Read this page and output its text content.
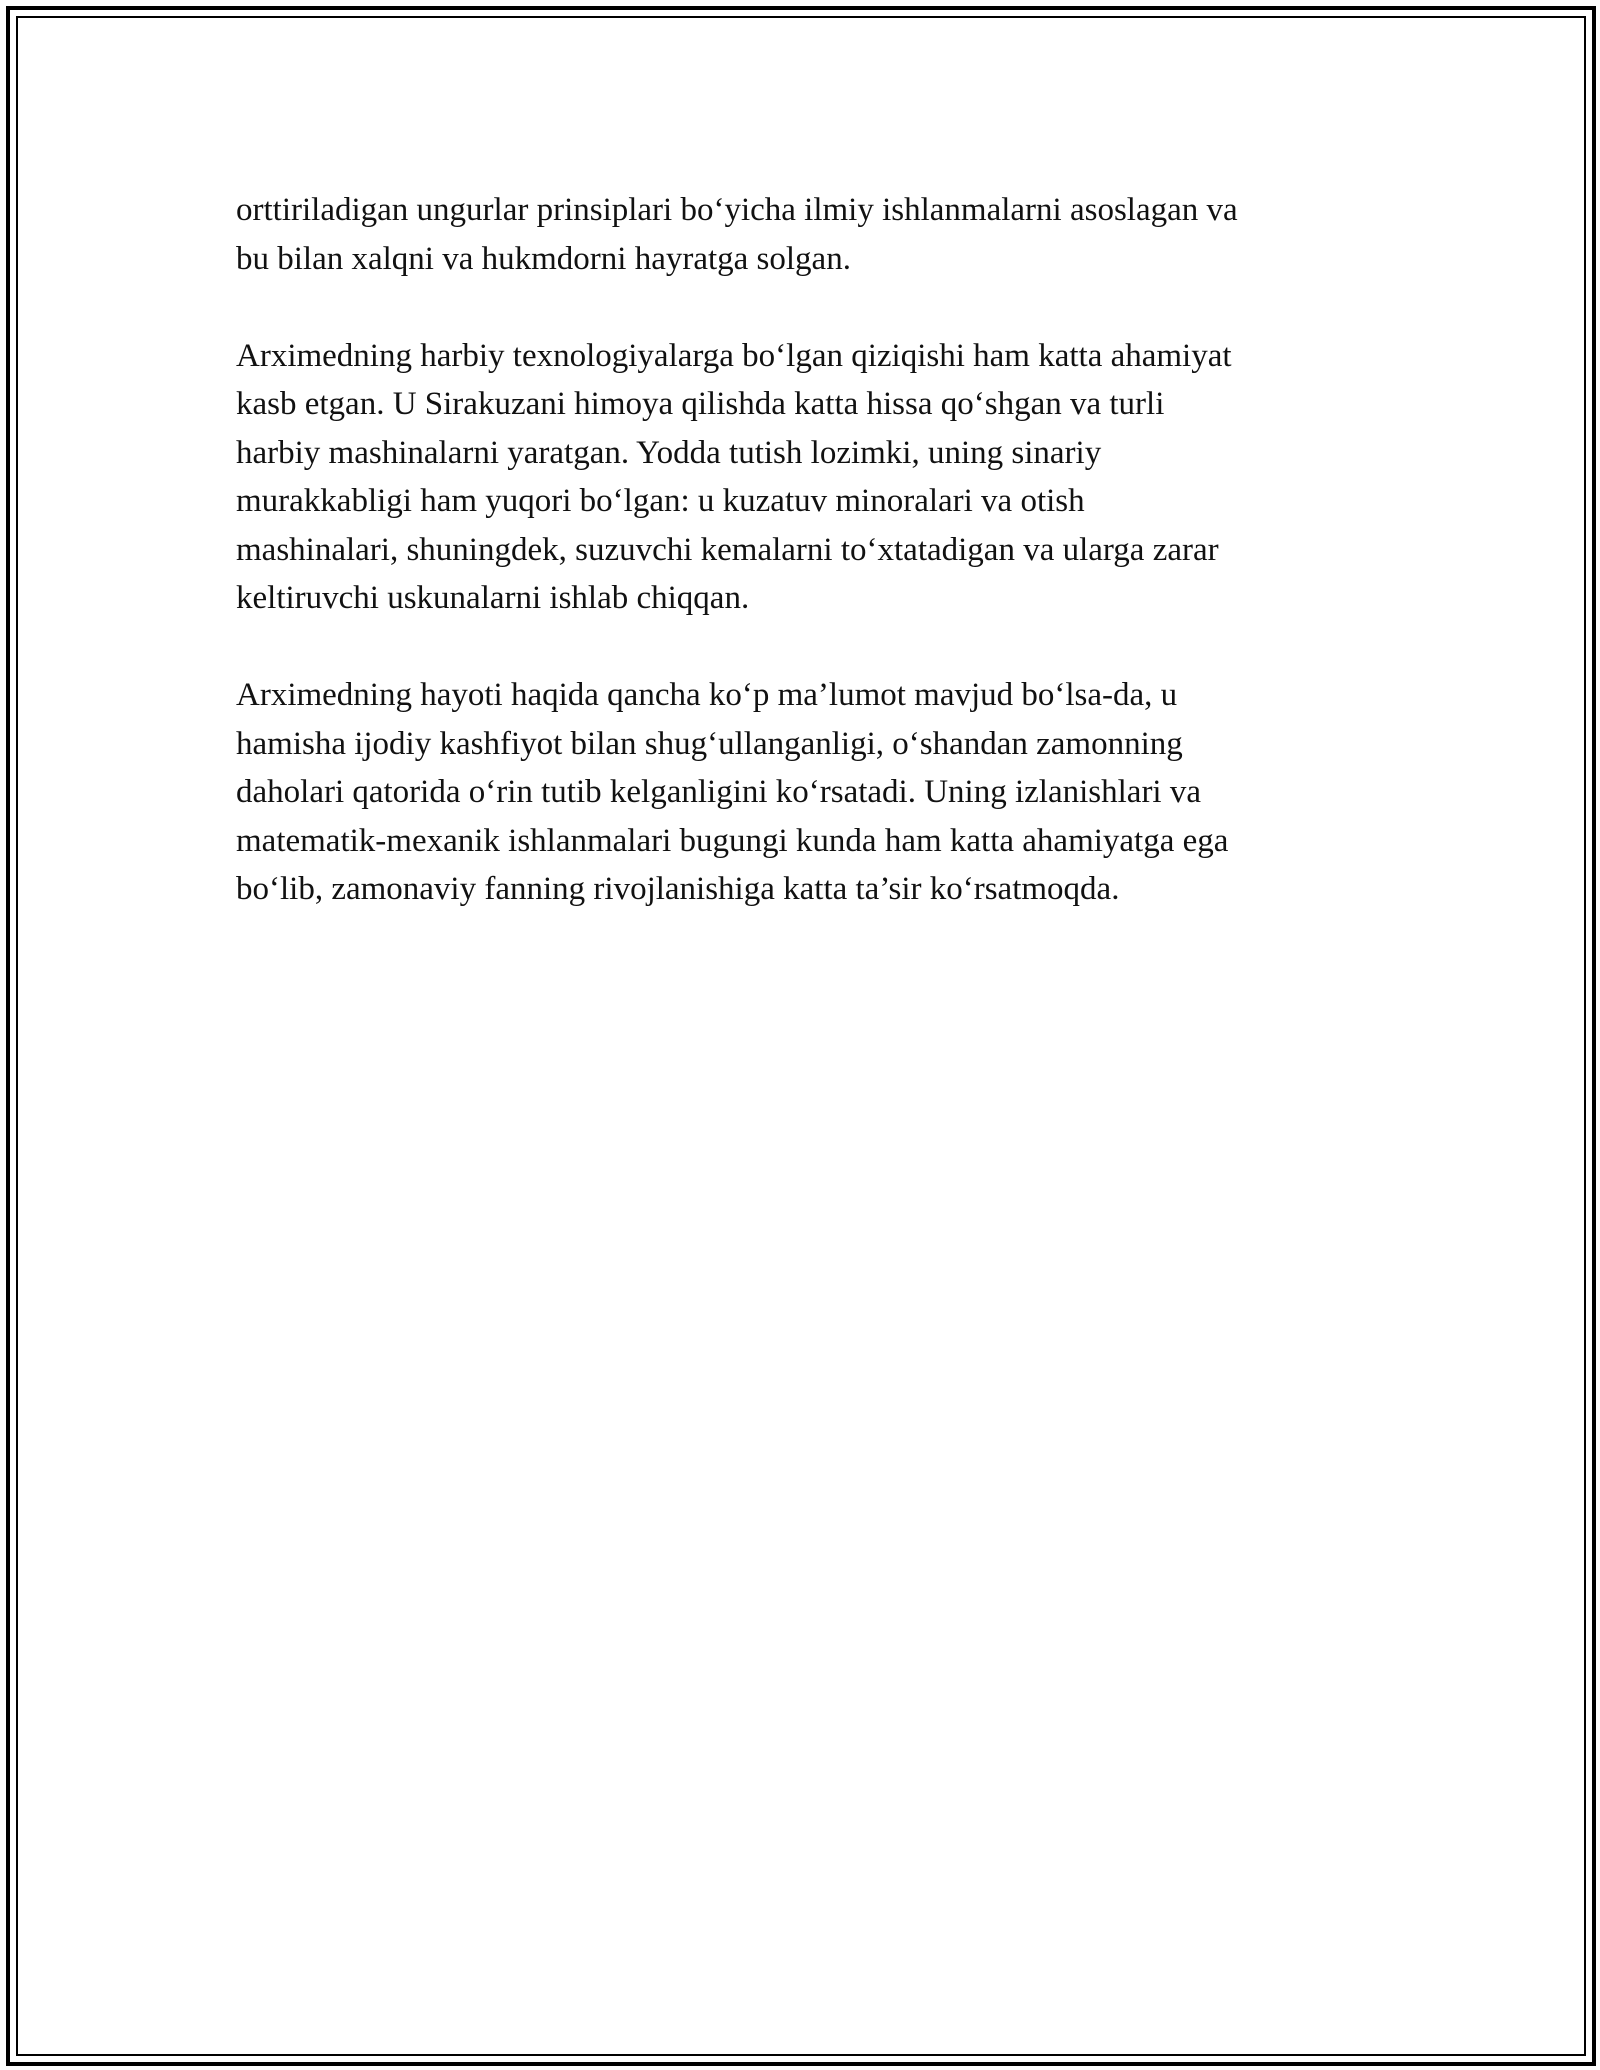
orttiriladigan ungurlar prinsiplari bo‘yicha ilmiy ishlanmalarni asoslagan va
bu bilan xalqni va hukmdorni hayratga solgan.

Arximedning harbiy texnologiyalarga bo‘lgan qiziqishi ham katta ahamiyat
kasb etgan. U Sirakuzani himoya qilishda katta hissa qo‘shgan va turli
harbiy mashinalarni yaratgan. Yodda tutish lozimki, uning sinariy
murakkabligi ham yuqori bo‘lgan: u kuzatuv minoralari va otish
mashinalari, shuningdek, suzuvchi kemalarni to‘xtatadigan va ularga zarar
keltiruvchi uskunalarni ishlab chiqqan.

Arximedning hayoti haqida qancha ko‘p ma’lumot mavjud bo‘lsa-da, u
hamisha ijodiy kashfiyot bilan shug‘ullanganligi, o‘shandan zamonning
daholari qatorida o‘rin tutib kelganligini ko‘rsatadi. Uning izlanishlari va
matematik-mexanik ishlanmalari bugungi kunda ham katta ahamiyatga ega
bo‘lib, zamonaviy fanning rivojlanishiga katta ta’sir ko‘rsatmoqda.
